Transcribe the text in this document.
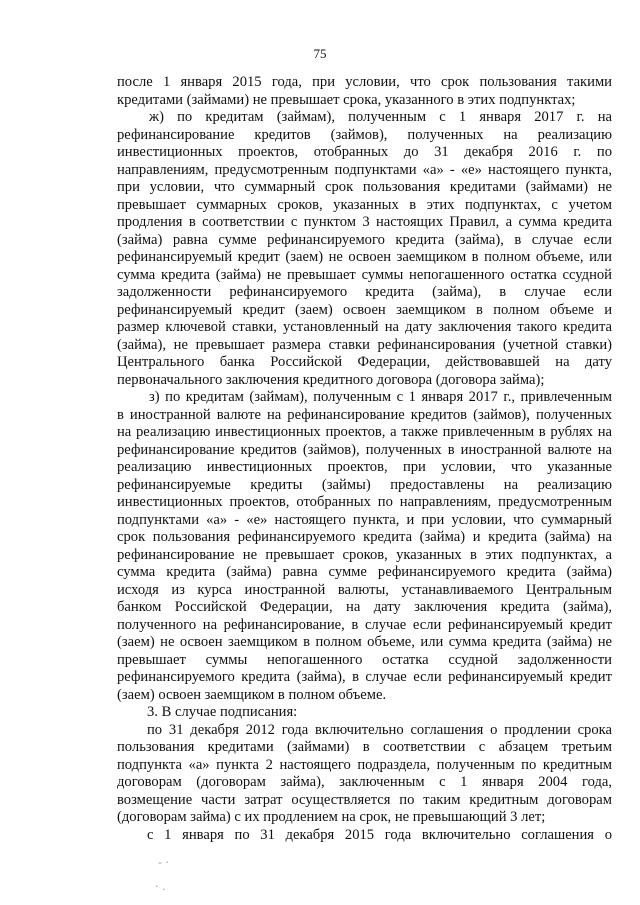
75
после 1 января 2015 года, при условии, что срок пользования такими
кредитами (займами) не превышает срока, указанного в этих подпунктах;
ж) по кредитам (займам), полученным с 1 января 2017 г. на
рефинансирование кредитов (займов), полученных на реализацию
инвестиционных проектов, отобранных до 31 декабря 2016 г. по
направлениям, предусмотренным подпунктами «а» - «е» настоящего пункта,
при условии, что суммарный срок пользования кредитами (займами) не
превышает суммарных сроков, указанных в этих подпунктах, с учетом
продления в соответствии с пунктом 3 настоящих Правил, а сумма кредита
(займа) равна сумме рефинансируемого кредита (займа), в случае если
рефинансируемый кредит (заем) не освоен заемщиком в полном объеме, или
сумма кредита (займа) не превышает суммы непогашенного остатка ссудной
задолженности рефинансируемого кредита (займа), в случае если
рефинансируемый кредит (заем) освоен заемщиком в полном объеме и
размер ключевой ставки, установленный на дату заключения такого кредита
(займа), не превышает размера ставки рефинансирования (учетной ставки)
Центрального банка Российской Федерации, действовавшей на дату
первоначального заключения кредитного договора (договора займа);
з) по кредитам (займам), полученным с 1 января 2017 г., привлеченным
в иностранной валюте на рефинансирование кредитов (займов), полученных
на реализацию инвестиционных проектов, а также привлеченным в рублях на
рефинансирование кредитов (займов), полученных в иностранной валюте на
реализацию инвестиционных проектов, при условии, что указанные
рефинансируемые кредиты (займы) предоставлены на реализацию
инвестиционных проектов, отобранных по направлениям, предусмотренным
подпунктами «а» - «е» настоящего пункта, и при условии, что суммарный
срок пользования рефинансируемого кредита (займа) и кредита (займа) на
рефинансирование не превышает сроков, указанных в этих подпунктах, а
сумма кредита (займа) равна сумме рефинансируемого кредита (займа)
исходя из курса иностранной валюты, устанавливаемого Центральным
банком Российской Федерации, на дату заключения кредита (займа),
полученного на рефинансирование, в случае если рефинансируемый кредит
(заем) не освоен заемщиком в полном объеме, или сумма кредита (займа) не
превышает суммы непогашенного остатка ссудной задолженности
рефинансируемого кредита (займа), в случае если рефинансируемый кредит
(заем) освоен заемщиком в полном объеме.
3. В случае подписания:
по 31 декабря 2012 года включительно соглашения о продлении срока
пользования кредитами (займами) в соответствии с абзацем третьим
подпункта «а» пункта 2 настоящего подраздела, полученным по кредитным
договорам (договорам займа), заключенным с 1 января 2004 года,
возмещение части затрат осуществляется по таким кредитным договорам
(договорам займа) с их продлением на срок, не превышающий 3 лет;
с 1 января по 31 декабря 2015 года включительно соглашения о
- ·
· .
